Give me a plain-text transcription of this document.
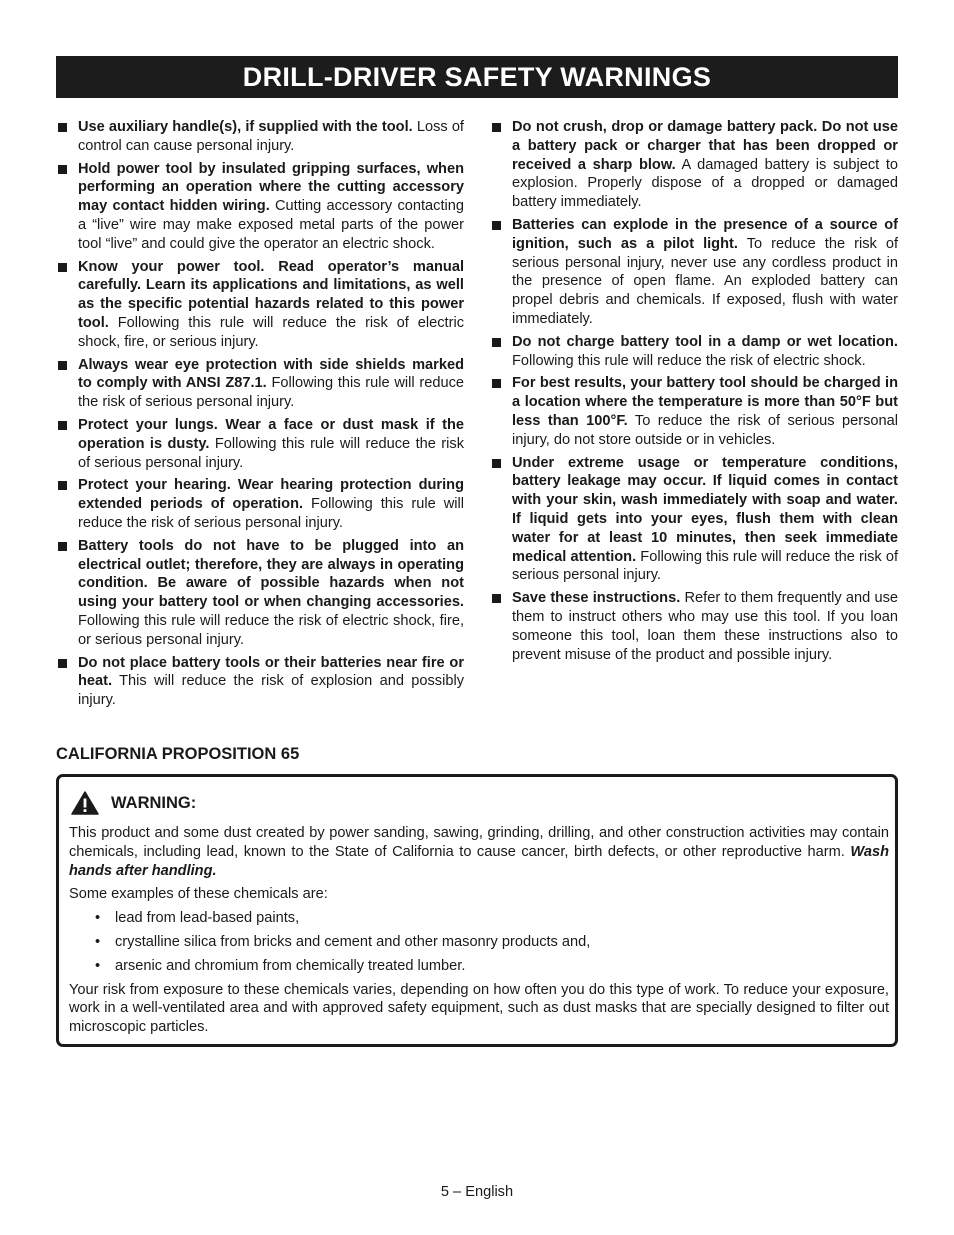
DRILL-DRIVER SAFETY WARNINGS
Use auxiliary handle(s), if supplied with the tool. Loss of control can cause personal injury.
Hold power tool by insulated gripping surfaces, when performing an operation where the cutting accessory may contact hidden wiring. Cutting accessory contacting a “live” wire may make exposed metal parts of the power tool “live” and could give the operator an electric shock.
Know your power tool. Read operator’s manual carefully. Learn its applications and limitations, as well as the specific potential hazards related to this power tool. Following this rule will reduce the risk of electric shock, fire, or serious injury.
Always wear eye protection with side shields marked to comply with ANSI Z87.1. Following this rule will reduce the risk of serious personal injury.
Protect your lungs. Wear a face or dust mask if the operation is dusty. Following this rule will reduce the risk of serious personal injury.
Protect your hearing. Wear hearing protection during extended periods of operation. Following this rule will reduce the risk of serious personal injury.
Battery tools do not have to be plugged into an electrical outlet; therefore, they are always in operating condition. Be aware of possible hazards when not using your battery tool or when changing accessories. Following this rule will reduce the risk of electric shock, fire, or serious personal injury.
Do not place battery tools or their batteries near fire or heat. This will reduce the risk of explosion and possibly injury.
Do not crush, drop or damage battery pack. Do not use a battery pack or charger that has been dropped or received a sharp blow. A damaged battery is subject to explosion. Properly dispose of a dropped or damaged battery immediately.
Batteries can explode in the presence of a source of ignition, such as a pilot light. To reduce the risk of serious personal injury, never use any cordless product in the presence of open flame. An exploded battery can propel debris and chemicals. If exposed, flush with water immediately.
Do not charge battery tool in a damp or wet location. Following this rule will reduce the risk of electric shock.
For best results, your battery tool should be charged in a location where the temperature is more than 50°F but less than 100°F. To reduce the risk of serious personal injury, do not store outside or in vehicles.
Under extreme usage or temperature conditions, battery leakage may occur. If liquid comes in contact with your skin, wash immediately with soap and water. If liquid gets into your eyes, flush them with clean water for at least 10 minutes, then seek immediate medical attention. Following this rule will reduce the risk of serious personal injury.
Save these instructions. Refer to them frequently and use them to instruct others who may use this tool. If you loan someone this tool, loan them these instructions also to prevent misuse of the product and possible injury.
CALIFORNIA PROPOSITION 65
WARNING:

This product and some dust created by power sanding, sawing, grinding, drilling, and other construction activities may contain chemicals, including lead, known to the State of California to cause cancer, birth defects, or other reproductive harm. Wash hands after handling.

Some examples of these chemicals are:

• lead from lead-based paints,
• crystalline silica from bricks and cement and other masonry products and,
• arsenic and chromium from chemically treated lumber.

Your risk from exposure to these chemicals varies, depending on how often you do this type of work. To reduce your exposure, work in a well-ventilated area and with approved safety equipment, such as dust masks that are specially designed to filter out microscopic particles.

5 – English
